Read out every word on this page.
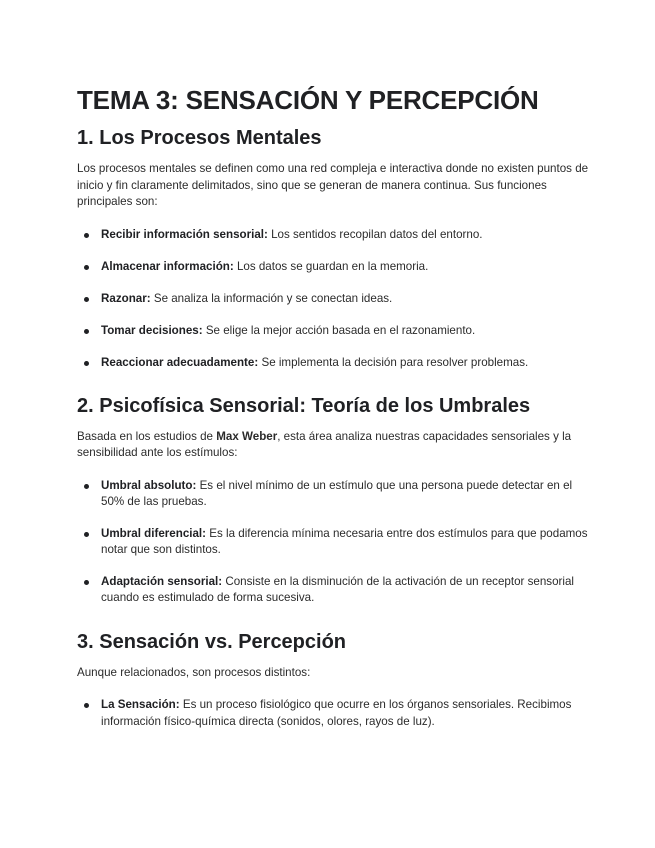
TEMA 3: SENSACIÓN Y PERCEPCIÓN
1. Los Procesos Mentales

Los procesos mentales se definen como una red compleja e interactiva donde no existen puntos de inicio y fin claramente delimitados, sino que se generan de manera continua. Sus funciones principales son:

Recibir información sensorial: Los sentidos recopilan datos del entorno.
Almacenar información: Los datos se guardan en la memoria.
Razonar: Se analiza la información y se conectan ideas.
Tomar decisiones: Se elige la mejor acción basada en el razonamiento.
Reaccionar adecuadamente: Se implementa la decisión para resolver problemas.
2. Psicofísica Sensorial: Teoría de los Umbrales

Basada en los estudios de Max Weber, esta área analiza nuestras capacidades sensoriales y la sensibilidad ante los estímulos:

Umbral absoluto: Es el nivel mínimo de un estímulo que una persona puede detectar en el 50% de las pruebas.
Umbral diferencial: Es la diferencia mínima necesaria entre dos estímulos para que podamos notar que son distintos.
Adaptación sensorial: Consiste en la disminución de la activación de un receptor sensorial cuando es estimulado de forma sucesiva.
3. Sensación vs. Percepción

Aunque relacionados, son procesos distintos:

La Sensación: Es un proceso fisiológico que ocurre en los órganos sensoriales. Recibimos información físico-química directa (sonidos, olores, rayos de luz).
